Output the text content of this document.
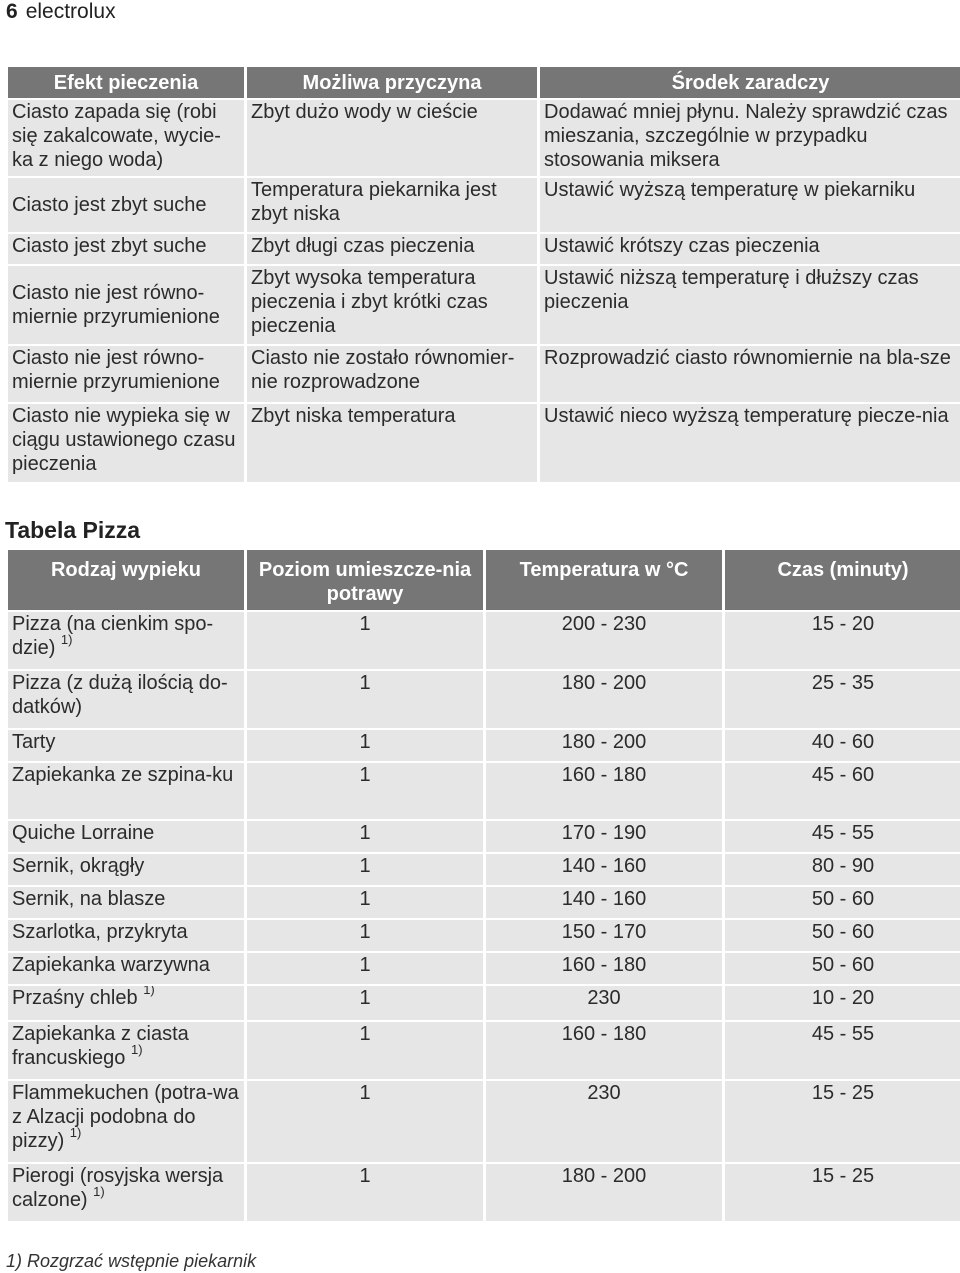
6 electrolux
Efekt pieczenia	Możliwa przyczyna	Środek zaradczy
Ciasto zapada się (robi się zakalcowate, wycie-ka z niego woda)	Zbyt dużo wody w cieście	Dodawać mniej płynu. Należy sprawdzić czas mieszania, szczególnie w przypadku stosowania miksera
Ciasto jest zbyt suche	Temperatura piekarnika jest zbyt niska	Ustawić wyższą temperaturę w piekarniku
Ciasto jest zbyt suche	Zbyt długi czas pieczenia	Ustawić krótszy czas pieczenia
Ciasto nie jest równo-miernie przyrumienione	Zbyt wysoka temperatura pieczenia i zbyt krótki czas pieczenia	Ustawić niższą temperaturę i dłuższy czas pieczenia
Ciasto nie jest równo-miernie przyrumienione	Ciasto nie zostało równomier-nie rozprowadzone	Rozprowadzić ciasto równomiernie na bla-sze
Ciasto nie wypieka się w ciągu ustawionego czasu pieczenia	Zbyt niska temperatura	Ustawić nieco wyższą temperaturę piecze-nia
Tabela Pizza
Rodzaj wypieku	Poziom umieszcze-nia potrawy	Temperatura w °C	Czas (minuty)
Pizza (na cienkim spo-dzie) $^{1)}$	1	200 - 230	15 - 20
Pizza (z dużą ilością do-datków)	1	180 - 200	25 - 35
Tarty	1	180 - 200	40 - 60
Zapiekanka ze szpina-ku	1	160 - 180	45 - 60
Quiche Lorraine	1	170 - 190	45 - 55
Sernik, okrągły	1	140 - 160	80 - 90
Sernik, na blasze	1	140 - 160	50 - 60
Szarlotka, przykryta	1	150 - 170	50 - 60
Zapiekanka warzywna	1	160 - 180	50 - 60
Przaśny chleb $^{1)}$	1	230	10 - 20
Zapiekanka z ciasta francuskiego $^{1)}$	1	160 - 180	45 - 55
Flammekuchen (potra-wa z Alzacji podobna do pizzy) $^{1)}$	1	230	15 - 25
Pierogi (rosyjska wersja calzone) $^{1)}$	1	180 - 200	15 - 25
1) Rozgrzać wstępnie piekarnik
